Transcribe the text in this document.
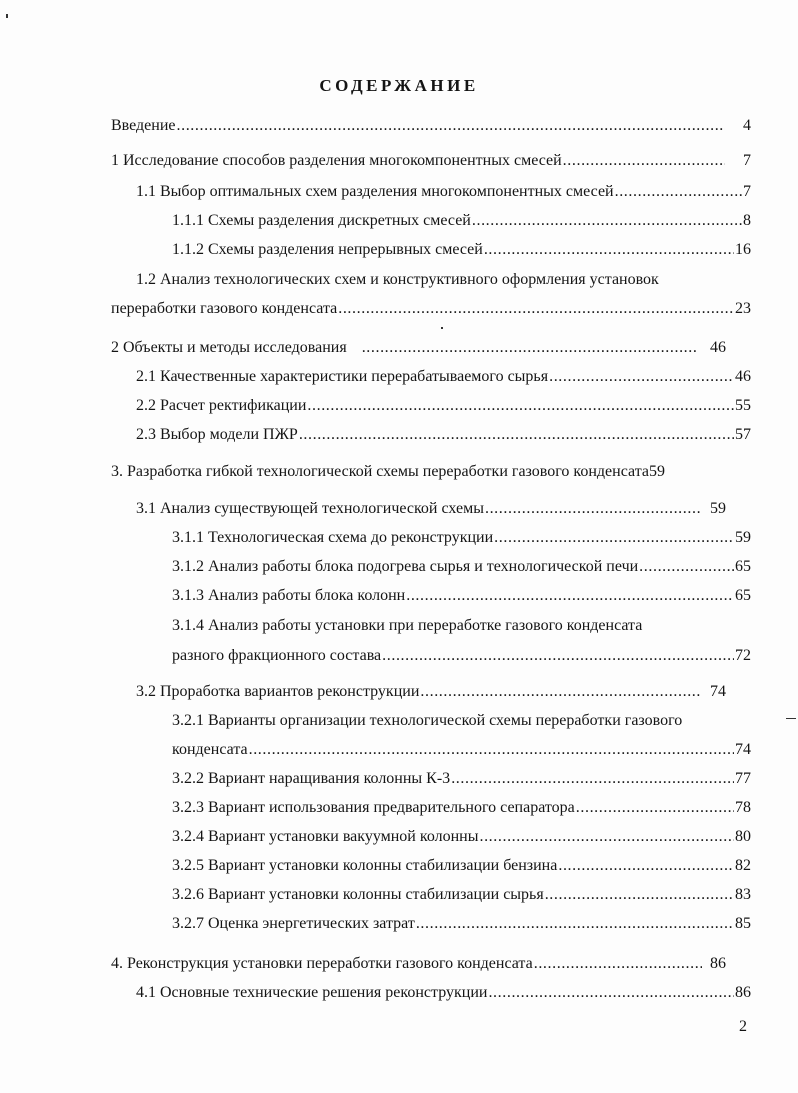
СОДЕРЖАНИЕ
Введение .....	4
1 Исследование способов разделения многокомпонентных смесей .....	7
1.1 Выбор оптимальных схем разделения многокомпонентных смесей .....	7
1.1.1 Схемы разделения дискретных смесей .....	8
1.1.2 Схемы разделения непрерывных смесей .....	16
1.2 Анализ технологических схем и конструктивного оформления установок
переработки газового конденсата .....	23
2 Объекты и методы исследования .....	46
2.1 Качественные характеристики перерабатываемого сырья .....	46
2.2 Расчет ректификации .....	55
2.3 Выбор модели ПЖР .....	57
3. Разработка гибкой технологической схемы переработки газового конденсата59
3.1 Анализ существующей технологической схемы .....	59
3.1.1 Технологическая схема до реконструкции .....	59
3.1.2 Анализ работы блока подогрева сырья и технологической печи .....	65
3.1.3 Анализ работы блока колонн .....	65
3.1.4 Анализ работы установки при переработке газового конденсата
разного фракционного состава .....	72
3.2 Проработка вариантов реконструкции .....	74
3.2.1 Варианты организации технологической схемы переработки газового
конденсата .....	74
3.2.2 Вариант наращивания колонны К-3 .....	77
3.2.3 Вариант использования предварительного сепаратора .....	78
3.2.4 Вариант установки вакуумной колонны .....	80
3.2.5 Вариант установки колонны стабилизации бензина .....	82
3.2.6 Вариант установки колонны стабилизации сырья .....	83
3.2.7 Оценка энергетических затрат .....	85
4. Реконструкция установки переработки газового конденсата .....	86
4.1 Основные технические решения реконструкции .....	86
2
